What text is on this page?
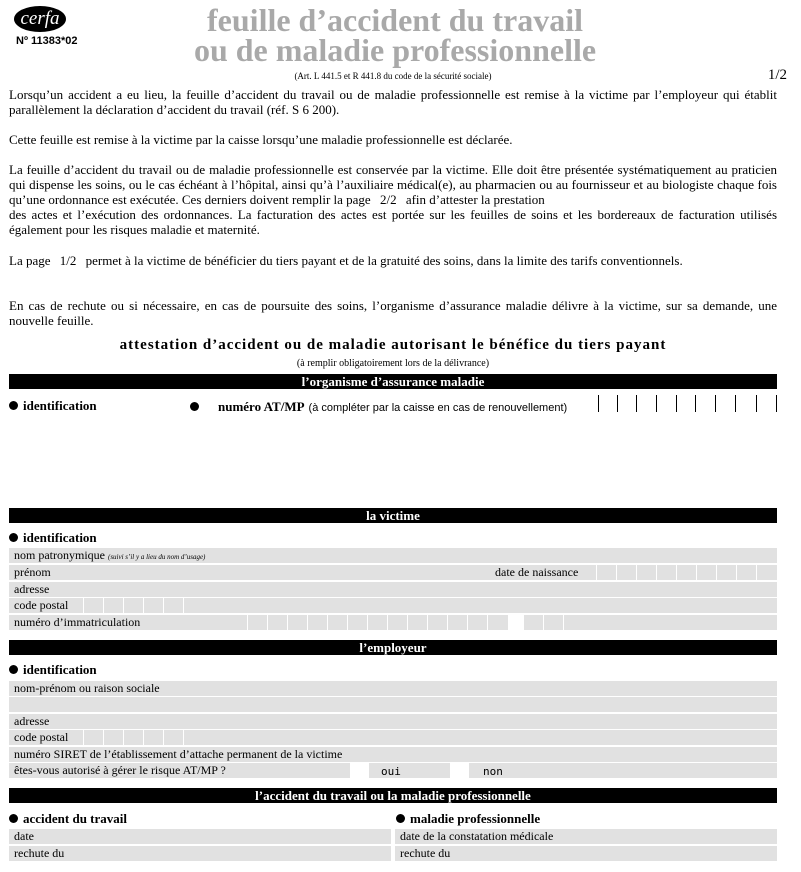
cerfa
Nº 11383*02
feuille d’accident du travail
ou de maladie professionnelle
(Art. L 441.5 et R 441.8 du code de la sécurité sociale)	1/2
Lorsqu’un accident a eu lieu, la feuille d’accident du travail ou de maladie professionnelle est remise à la victime par l’employeur qui établit parallèlement la déclaration d’accident du travail (réf. S 6 200).
Cette feuille est remise à la victime par la caisse lorsqu’une maladie professionnelle est déclarée.
La feuille d’accident du travail ou de maladie professionnelle est conservée par la victime. Elle doit être présentée systématiquement au praticien qui dispense les soins, ou le cas échéant à l’hôpital, ainsi qu’à l’auxiliaire médical(e), au pharmacien ou au fournisseur et au biologiste chaque fois qu’une ordonnance est exécutée. Ces derniers doivent remplir la page 2/2 afin d’attester la prestation
des actes et l’exécution des ordonnances. La facturation des actes est portée sur les feuilles de soins et les bordereaux de facturation utilisés également pour les risques maladie et maternité.
La page 1/2 permet à la victime de bénéficier du tiers payant et de la gratuité des soins, dans la limite des tarifs conventionnels.
En cas de rechute ou si nécessaire, en cas de poursuite des soins, l’organisme d’assurance maladie délivre à la victime, sur sa demande, une nouvelle feuille.
attestation d’accident ou de maladie autorisant le bénéfice du tiers payant
(à remplir obligatoirement lors de la délivrance)
l’organisme d’assurance maladie
identification	numéro AT/MP (à compléter par la caisse en cas de renouvellement)
la victime
identification
nom patronymique (suivi s’il y a lieu du nom d’usage)
prénom	date de naissance
adresse
code postal
numéro d’immatriculation
l’employeur
identification
nom-prénom ou raison sociale
adresse
code postal
numéro SIRET de l’établissement d’attache permanent de la victime
êtes-vous autorisé à gérer le risque AT/MP ?	oui	non
l’accident du travail ou la maladie professionnelle
accident du travail	maladie professionnelle
date	date de la constatation médicale
rechute du	rechute du
